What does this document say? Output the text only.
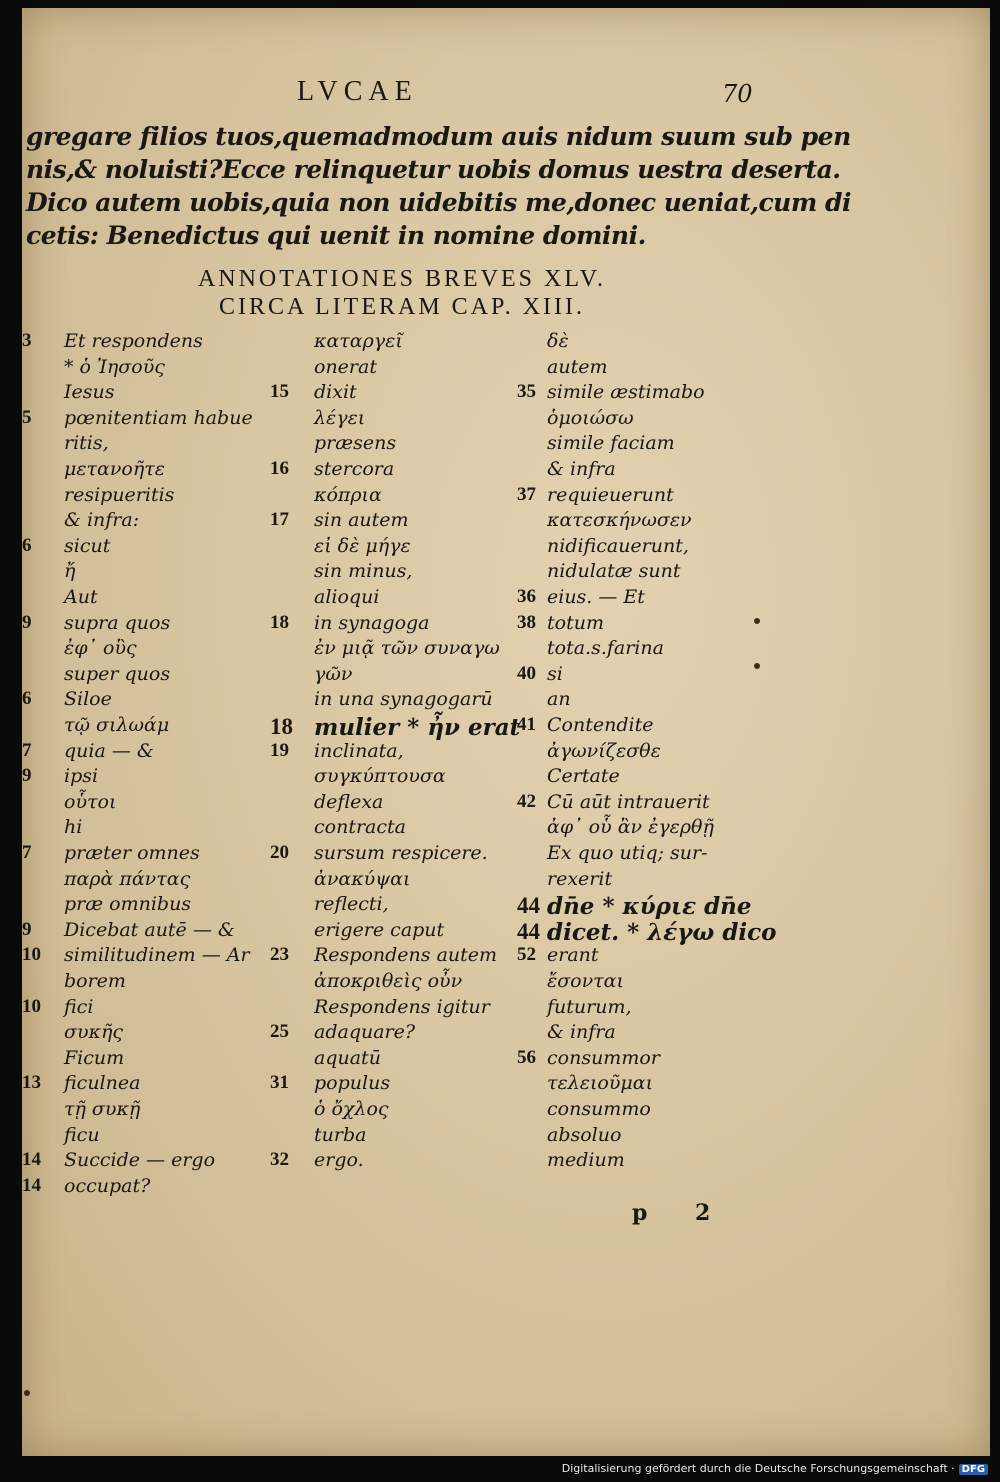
LVCAE	70
gregare filios tuos,quemadmodum auis nidum suum sub pen
nis,& noluisti?Ecce relinquetur uobis domus uestra deserta.
Dico autem uobis,quia non uidebitis me,donec ueniat,cum di
cetis: Benedictus qui uenit in nomine domini.
ANNOTATIONES BREVES XLV.
CIRCA LITERAM CAP. XIII.
3 Et respondens
* ὁ Ἰησοῦς
Iesus
5 pœnitentiam habue
ritis,
μετανοῆτε
resipueritis
& infra:
6 sicut
ἤ
Aut
9 supra quos
ἐφ᾽ οὓς
super quos
6 Siloe
τῷ σιλωάμ
7 quia — &
9 ipsi
οὗτοι
hi
7 præter omnes
παρὰ πάντας
præ omnibus
9 Dicebat autē — &
10 similitudinem — Ar
borem
10 fici
συκῆς
Ficum
13 ficulnea
τῇ συκῇ
ficu
14 Succide — ergo
14 occupat?
καταργεῖ
onerat
15 dixit
λέγει
præsens
16 stercora
κόπρια
17 sin autem
εἰ δὲ μήγε
sin minus,
alioqui
18 in synagoga
ἐν μιᾷ τῶν συναγω
γῶν
in una synagogarū
18 mulier * ἦν erat
19 inclinata,
συγκύπτουσα
deflexa
contracta
20 sursum respicere.
ἀνακύψαι
reflecti,
erigere caput
23 Respondens autem
ἀποκριθεὶς οὖν
Respondens igitur
25 adaquare?
aquatū
31 populus
ὁ ὄχλος
turba
32 ergo.
δὲ
autem
35 simile æstimabo
ὁμοιώσω
simile faciam
& infra
37 requieuerunt
κατεσκήνωσεν
nidificauerunt,
nidulatæ sunt
36 eius. — Et
38 totum
tota.s.farina
40 si
an
41 Contendite
ἀγωνίζεσθε
Certate
42 Cū aūt intrauerit
ἀφ᾽ οὗ ἂν ἐγερθῇ
Ex quo utiq; sur-
rexerit
44 dn̄e * κύριε dn̄e
44 dicet. * λέγω dico
52 erant
ἔσονται
futurum,
& infra
56 consummor
τελειοῦμαι
consummo
absoluo
medium
p 2
Digitalisierung gefördert durch die Deutsche Forschungsgemeinschaft · DFG
